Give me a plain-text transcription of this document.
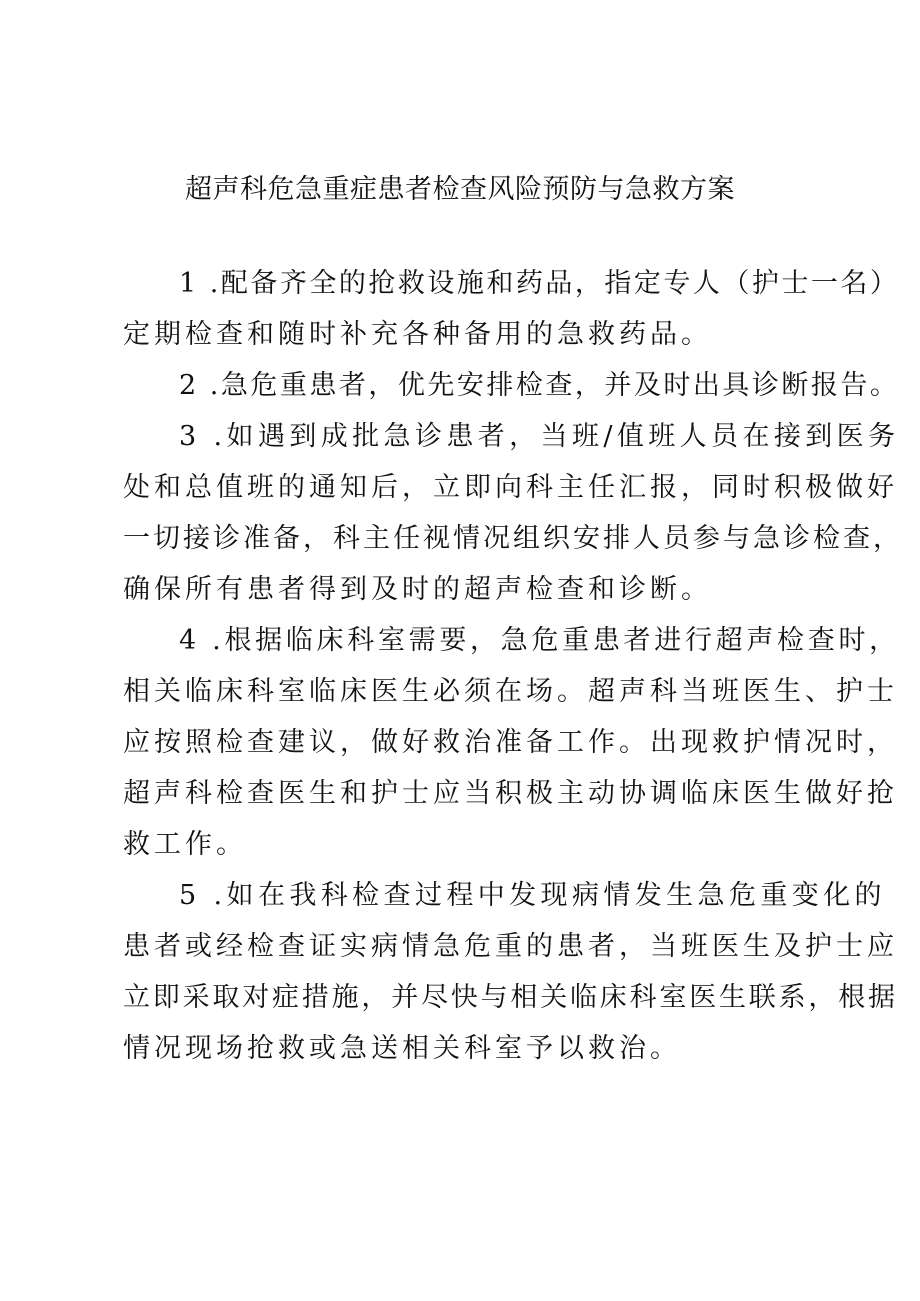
超声科危急重症患者检查风险预防与急救方案
1 .配备齐全的抢救设施和药品，指定专人（护士一名）
定期检查和随时补充各种备用的急救药品。
2 .急危重患者，优先安排检查，并及时出具诊断报告。
3 .如遇到成批急诊患者，当班/值班人员在接到医务
处和总值班的通知后，立即向科主任汇报，同时积极做好
一切接诊准备，科主任视情况组织安排人员参与急诊检查，
确保所有患者得到及时的超声检查和诊断。
4 .根据临床科室需要，急危重患者进行超声检查时，
相关临床科室临床医生必须在场。超声科当班医生、护士
应按照检查建议，做好救治准备工作。出现救护情况时，
超声科检查医生和护士应当积极主动协调临床医生做好抢
救工作。
5 .如在我科检查过程中发现病情发生急危重变化的
患者或经检查证实病情急危重的患者，当班医生及护士应
立即采取对症措施，并尽快与相关临床科室医生联系，根据
情况现场抢救或急送相关科室予以救治。
